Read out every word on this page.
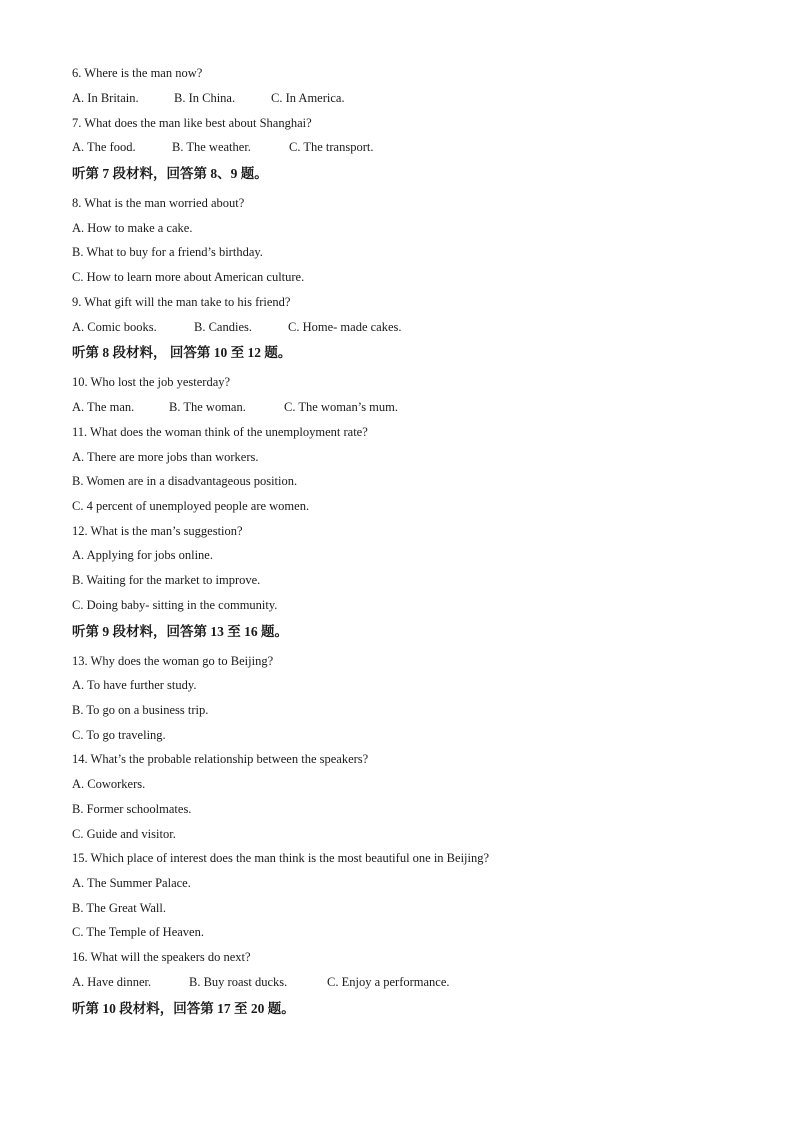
6. Where is the man now?
A. In Britain.	B. In China.	C. In America.
7. What does the man like best about Shanghai?
A. The food.	B. The weather.	C. The transport.
听第 7 段材料，回答第 8、9 题。
8. What is the man worried about?
A. How to make a cake.
B. What to buy for a friend’s birthday.
C. How to learn more about American culture.
9. What gift will the man take to his friend?
A. Comic books.	B. Candies.	C. Home- made cakes.
听第 8 段材料， 回答第 10 至 12 题。
10. Who lost the job yesterday?
A. The man.	B. The woman.	C. The woman’s mum.
11. What does the woman think of the unemployment rate?
A. There are more jobs than workers.
B. Women are in a disadvantageous position.
C. 4 percent of unemployed people are women.
12. What is the man’s suggestion?
A. Applying for jobs online.
B. Waiting for the market to improve.
C. Doing baby- sitting in the community.
听第 9 段材料，回答第 13 至 16 题。
13. Why does the woman go to Beijing?
A. To have further study.
B. To go on a business trip.
C. To go traveling.
14. What’s the probable relationship between the speakers?
A. Coworkers.
B. Former schoolmates.
C. Guide and visitor.
15. Which place of interest does the man think is the most beautiful one in Beijing?
A. The Summer Palace.
B. The Great Wall.
C. The Temple of Heaven.
16. What will the speakers do next?
A. Have dinner.	B. Buy roast ducks.	C. Enjoy a performance.
听第 10 段材料，回答第 17 至 20 题。
